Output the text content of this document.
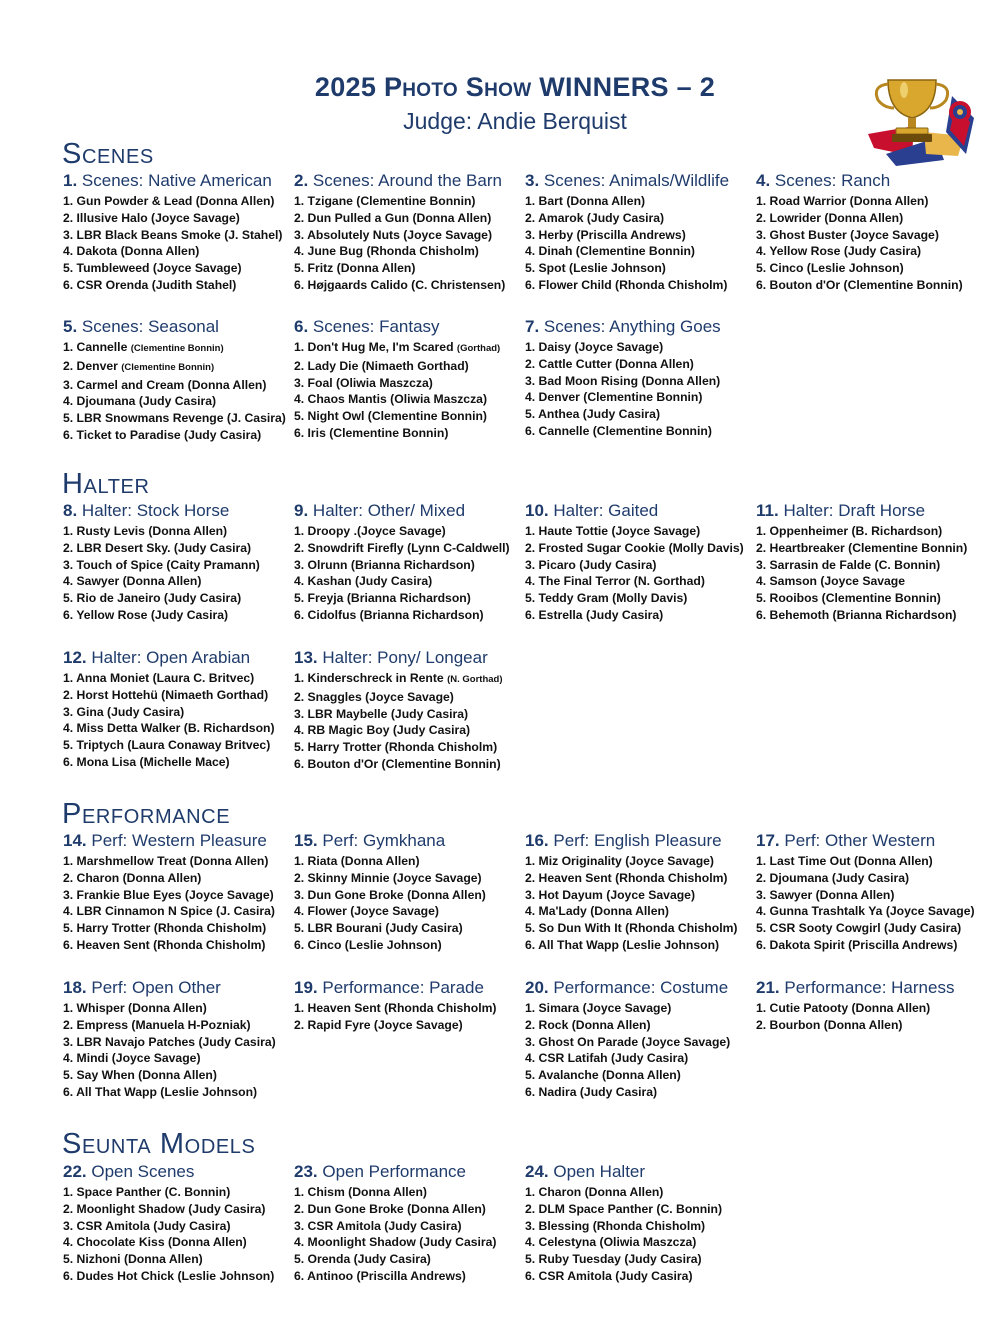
2025 Photo Show WINNERS – 2
Judge: Andie Berquist
Scenes
Halter
Performance
Seunta Models
1. Scenes: Native American
1. Gun Powder & Lead (Donna Allen)
2. Illusive Halo (Joyce Savage)
3. LBR Black Beans Smoke (J. Stahel)
4. Dakota (Donna Allen)
5. Tumbleweed (Joyce Savage)
6. CSR Orenda (Judith Stahel)
2. Scenes: Around the Barn
1. Tzigane (Clementine Bonnin)
2. Dun Pulled a Gun (Donna Allen)
3. Absolutely Nuts (Joyce Savage)
4. June Bug (Rhonda Chisholm)
5. Fritz (Donna Allen)
6. Højgaards Calido (C. Christensen)
3. Scenes: Animals/Wildlife
1. Bart (Donna Allen)
2. Amarok (Judy Casira)
3. Herby (Priscilla Andrews)
4. Dinah (Clementine Bonnin)
5. Spot (Leslie Johnson)
6. Flower Child (Rhonda Chisholm)
4. Scenes: Ranch
1. Road Warrior (Donna Allen)
2. Lowrider (Donna Allen)
3. Ghost Buster (Joyce Savage)
4. Yellow Rose (Judy Casira)
5. Cinco (Leslie Johnson)
6. Bouton d'Or (Clementine Bonnin)
5. Scenes: Seasonal
1. Cannelle (Clementine Bonnin)
2. Denver (Clementine Bonnin)
3. Carmel and Cream (Donna Allen)
4. Djoumana (Judy Casira)
5. LBR Snowmans Revenge (J. Casira)
6. Ticket to Paradise (Judy Casira)
6. Scenes: Fantasy
1. Don't Hug Me, I'm Scared (Gorthad)
2. Lady Die (Nimaeth Gorthad)
3. Foal (Oliwia Maszcza)
4. Chaos Mantis (Oliwia Maszcza)
5. Night Owl (Clementine Bonnin)
6. Iris (Clementine Bonnin)
7. Scenes: Anything Goes
1. Daisy (Joyce Savage)
2. Cattle Cutter (Donna Allen)
3. Bad Moon Rising (Donna Allen)
4. Denver (Clementine Bonnin)
5. Anthea (Judy Casira)
6. Cannelle (Clementine Bonnin)
8. Halter: Stock Horse
1. Rusty Levis (Donna Allen)
2. LBR Desert Sky. (Judy Casira)
3. Touch of Spice (Caity Pramann)
4. Sawyer (Donna Allen)
5. Rio de Janeiro (Judy Casira)
6. Yellow Rose (Judy Casira)
9. Halter: Other/ Mixed
1. Droopy .(Joyce Savage)
2. Snowdrift Firefly (Lynn C-Caldwell)
3. Olrunn (Brianna Richardson)
4. Kashan (Judy Casira)
5. Freyja (Brianna Richardson)
6. Cidolfus (Brianna Richardson)
10. Halter: Gaited
1. Haute Tottie (Joyce Savage)
2. Frosted Sugar Cookie (Molly Davis)
3. Picaro (Judy Casira)
4. The Final Terror (N. Gorthad)
5. Teddy Gram (Molly Davis)
6. Estrella (Judy Casira)
11. Halter: Draft Horse
1. Oppenheimer (B. Richardson)
2. Heartbreaker (Clementine Bonnin)
3. Sarrasin de Falde (C. Bonnin)
4. Samson (Joyce Savage
5. Rooibos (Clementine Bonnin)
6. Behemoth (Brianna Richardson)
12. Halter: Open Arabian
1. Anna Moniet (Laura C. Britvec)
2. Horst Hottehü (Nimaeth Gorthad)
3. Gina (Judy Casira)
4. Miss Detta Walker (B. Richardson)
5. Triptych (Laura Conaway Britvec)
6. Mona Lisa (Michelle Mace)
13. Halter: Pony/ Longear
1. Kinderschreck in Rente (N. Gorthad)
2. Snaggles (Joyce Savage)
3. LBR Maybelle (Judy Casira)
4. RB Magic Boy (Judy Casira)
5. Harry Trotter (Rhonda Chisholm)
6. Bouton d'Or (Clementine Bonnin)
14. Perf: Western Pleasure
1. Marshmellow Treat (Donna Allen)
2. Charon (Donna Allen)
3. Frankie Blue Eyes (Joyce Savage)
4. LBR Cinnamon N Spice (J. Casira)
5. Harry Trotter (Rhonda Chisholm)
6. Heaven Sent (Rhonda Chisholm)
15. Perf: Gymkhana
1. Riata (Donna Allen)
2. Skinny Minnie (Joyce Savage)
3. Dun Gone Broke (Donna Allen)
4. Flower (Joyce Savage)
5. LBR Bourani (Judy Casira)
6. Cinco (Leslie Johnson)
16. Perf: English Pleasure
1. Miz Originality (Joyce Savage)
2. Heaven Sent (Rhonda Chisholm)
3. Hot Dayum (Joyce Savage)
4. Ma'Lady (Donna Allen)
5. So Dun With It (Rhonda Chisholm)
6. All That Wapp (Leslie Johnson)
17. Perf: Other Western
1. Last Time Out (Donna Allen)
2. Djoumana (Judy Casira)
3. Sawyer (Donna Allen)
4. Gunna Trashtalk Ya (Joyce Savage)
5. CSR Sooty Cowgirl (Judy Casira)
6. Dakota Spirit (Priscilla Andrews)
18. Perf: Open Other
1. Whisper (Donna Allen)
2. Empress (Manuela H-Pozniak)
3. LBR Navajo Patches (Judy Casira)
4. Mindi (Joyce Savage)
5. Say When (Donna Allen)
6. All That Wapp (Leslie Johnson)
19. Performance: Parade
1. Heaven Sent (Rhonda Chisholm)
2. Rapid Fyre (Joyce Savage)
20. Performance: Costume
1. Simara (Joyce Savage)
2. Rock (Donna Allen)
3. Ghost On Parade (Joyce Savage)
4. CSR Latifah (Judy Casira)
5. Avalanche (Donna Allen)
6. Nadira (Judy Casira)
21. Performance: Harness
1. Cutie Patooty (Donna Allen)
2. Bourbon (Donna Allen)
22. Open Scenes
1. Space Panther (C. Bonnin)
2. Moonlight Shadow (Judy Casira)
3. CSR Amitola (Judy Casira)
4. Chocolate Kiss (Donna Allen)
5. Nizhoni (Donna Allen)
6. Dudes Hot Chick (Leslie Johnson)
23. Open Performance
1. Chism (Donna Allen)
2. Dun Gone Broke (Donna Allen)
3. CSR Amitola (Judy Casira)
4. Moonlight Shadow (Judy Casira)
5. Orenda (Judy Casira)
6. Antinoo (Priscilla Andrews)
24. Open Halter
1. Charon (Donna Allen)
2. DLM Space Panther (C. Bonnin)
3. Blessing (Rhonda Chisholm)
4. Celestyna (Oliwia Maszcza)
5. Ruby Tuesday (Judy Casira)
6. CSR Amitola (Judy Casira)
